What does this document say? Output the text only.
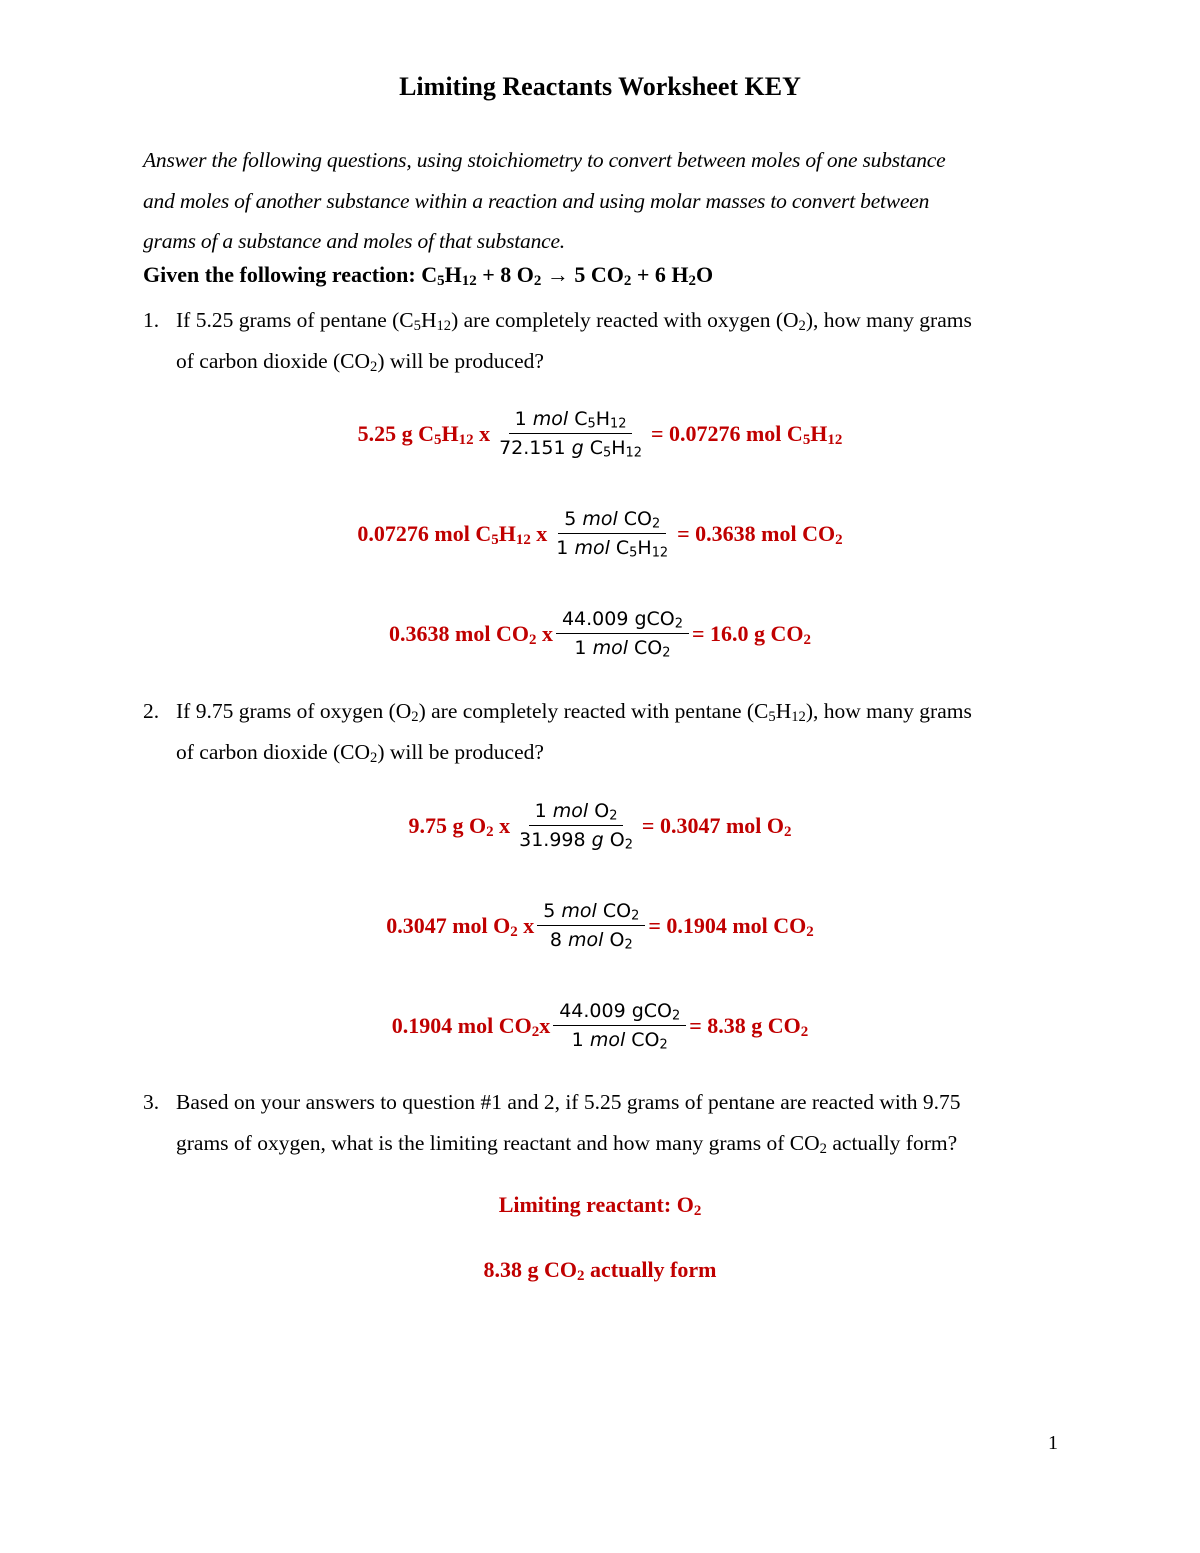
Limiting Reactants Worksheet KEY
Answer the following questions, using stoichiometry to convert between moles of one substance
and moles of another substance within a reaction and using molar masses to convert between
grams of a substance and moles of that substance.
Given the following reaction: $C_5H_{12} + 8$ $O_2 \to 5$ $CO_2 + 6$ $H_2O$
1. If 5.25 grams of pentane $(C_5H_{12})$ are completely reacted with oxygen $(O_2)$, how many grams
of carbon dioxide $(CO_2)$ will be produced?
5.25 g $C_5H_{12}$ x $\frac{1 mol C_5H_{12}}{72.151 g C_5H_{12}} = 0.07276$ mol $C_5H_{12}$
0.07276 mol $C_5H_{12}$ x $\frac{5 mol CO_2}{1 mol C_5H_{12}} = 0.3638$ mol $CO_2$
0.3638 mol $CO_2$ x $\frac{44.009 gCO_2}{1 mol CO_2} = 16.0$ g $CO_2$
2. If 9.75 grams of oxygen $(O_2)$ are completely reacted with pentane $(C_5H_{12})$, how many grams
of carbon dioxide $(CO_2)$ will be produced?
9.75 g $O_2$ x $\frac{1 mol O_2}{31.998 g O_2} = 0.3047$ mol $O_2$
0.3047 mol $O_2$ x $\frac{5 mol CO_2}{8 mol O_2} = 0.1904$ mol $CO_2$
0.1904 mol $CO_2x \frac{44.009 gCO_2}{1 mol CO_2} = 8.38$ g $CO_2$
3. Based on your answers to question #1 and 2, if 5.25 grams of pentane are reacted with 9.75
grams of oxygen, what is the limiting reactant and how many grams of $CO_2$ actually form?
Limiting reactant: $O_2$
8.38 g $CO_2$ actually form
1
